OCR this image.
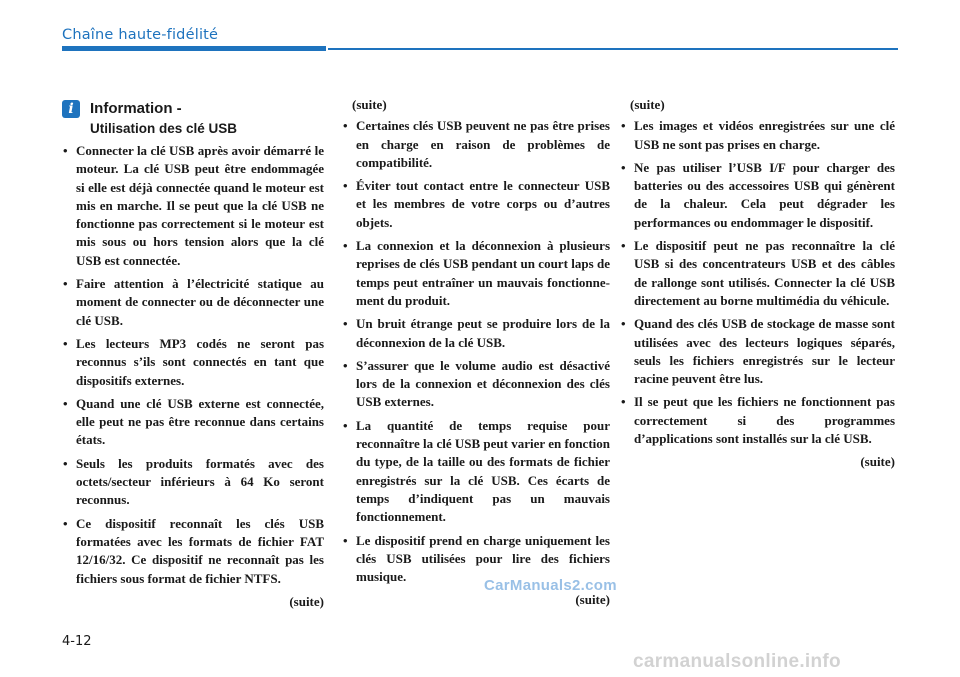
Chaîne haute-fidélité
i	Information -
Utilisation des clé USB
• Connecter la clé USB après avoir démarré le moteur. La clé USB peut être endommagée si elle est déjà connectée quand le moteur est mis en marche. Il se peut que la clé USB ne fonctionne pas correctement si le moteur est mis sous ou hors tension alors que la clé USB est connectée.
• Faire attention à l’électricité statique au moment de connecter ou de déconnecter une clé USB.
• Les lecteurs MP3 codés ne seront pas reconnus s’ils sont connectés en tant que dispositifs externes.
• Quand une clé USB externe est connectée, elle peut ne pas être reconnue dans certains états.
• Seuls les produits formatés avec des octets/secteur inférieurs à 64 Ko seront reconnus.
• Ce dispositif reconnaît les clés USB formatées avec les formats de fichier FAT 12/16/32. Ce dispositif ne reconnaît pas les fichiers sous format de fichier NTFS.
(suite)
(suite)
• Certaines clés USB peuvent ne pas être prises en charge en raison de problèmes de compatibilité.
• Éviter tout contact entre le connecteur USB et les membres de votre corps ou d’autres objets.
• La connexion et la déconnexion à plusieurs reprises de clés USB pendant un court laps de temps peut entraîner un mauvais fonctionne- ment du produit.
• Un bruit étrange peut se produire lors de la déconnexion de la clé USB.
• S’assurer que le volume audio est désactivé lors de la connexion et déconnexion des clés USB externes.
• La quantité de temps requise pour reconnaître la clé USB peut varier en fonction du type, de la taille ou des formats de fichier enregistrés sur la clé USB. Ces écarts de temps d’indiquent pas un mauvais fonctionnement.
• Le dispositif prend en charge uniquement les clés USB utilisées pour lire des fichiers musique.
(suite)
(suite)
• Les images et vidéos enregistrées sur une clé USB ne sont pas prises en charge.
• Ne pas utiliser l’USB I/F pour charger des batteries ou des accessoires USB qui génèrent de la chaleur. Cela peut dégrader les performances ou endommager le dispositif.
• Le dispositif peut ne pas reconnaître la clé USB si des concentrateurs USB et des câbles de rallonge sont utilisés. Connecter la clé USB directement au borne multimédia du véhicule.
• Quand des clés USB de stockage de masse sont utilisées avec des lecteurs logiques séparés, seuls les fichiers enregistrés sur le lecteur racine peuvent être lus.
• Il se peut que les fichiers ne fonctionnent pas correctement si des programmes d’applications sont installés sur la clé USB.
(suite)
4-12
CarManuals2.com
carmanualsonline.info
